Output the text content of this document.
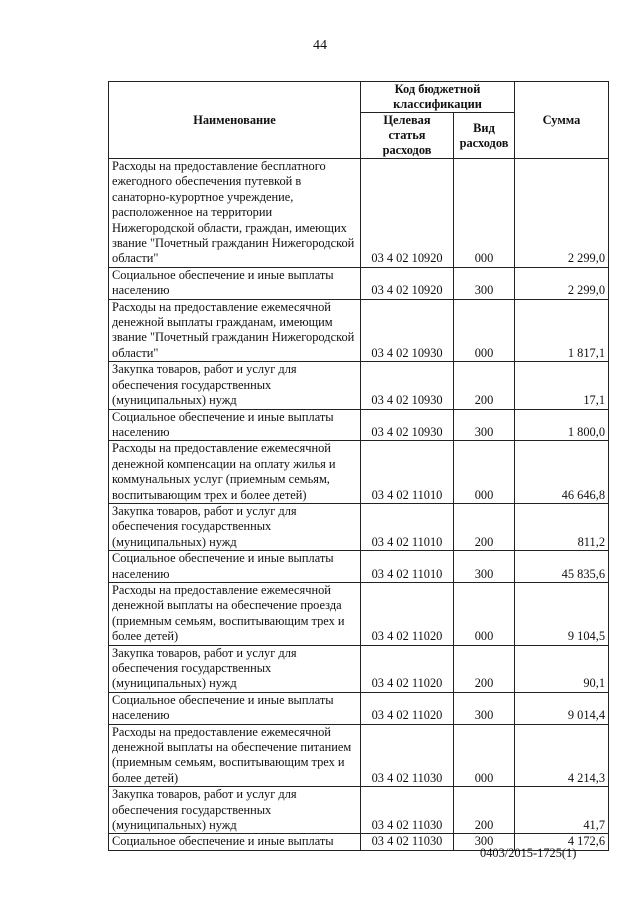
44
Наименование	Код бюджетной классификации		Сумма
	Целевая статья расходов	Вид расходов	
Расходы на предоставление бесплатного ежегодного обеспечения путевкой в санаторно-курортное учреждение, расположенное на территории Нижегородской области, граждан, имеющих звание "Почетный гражданин Нижегородской области"	03 4 02 10920	000	2 299,0
Социальное обеспечение и иные выплаты населению	03 4 02 10920	300	2 299,0
Расходы на предоставление ежемесячной денежной выплаты гражданам, имеющим звание "Почетный гражданин Нижегородской области"	03 4 02 10930	000	1 817,1
Закупка товаров, работ и услуг для обеспечения государственных (муниципальных) нужд	03 4 02 10930	200	17,1
Социальное обеспечение и иные выплаты населению	03 4 02 10930	300	1 800,0
Расходы на предоставление ежемесячной денежной компенсации на оплату жилья и коммунальных услуг (приемным семьям, воспитывающим трех и более детей)	03 4 02 11010	000	46 646,8
Закупка товаров, работ и услуг для обеспечения государственных (муниципальных) нужд	03 4 02 11010	200	811,2
Социальное обеспечение и иные выплаты населению	03 4 02 11010	300	45 835,6
Расходы на предоставление ежемесячной денежной выплаты на обеспечение проезда (приемным семьям, воспитывающим трех и более детей)	03 4 02 11020	000	9 104,5
Закупка товаров, работ и услуг для обеспечения государственных (муниципальных) нужд	03 4 02 11020	200	90,1
Социальное обеспечение и иные выплаты населению	03 4 02 11020	300	9 014,4
Расходы на предоставление ежемесячной денежной выплаты на обеспечение питанием (приемным семьям, воспитывающим трех и более детей)	03 4 02 11030	000	4 214,3
Закупка товаров, работ и услуг для обеспечения государственных (муниципальных) нужд	03 4 02 11030	200	41,7
Социальное обеспечение и иные выплаты	03 4 02 11030	300	4 172,6
0403/2015-1725(1)
